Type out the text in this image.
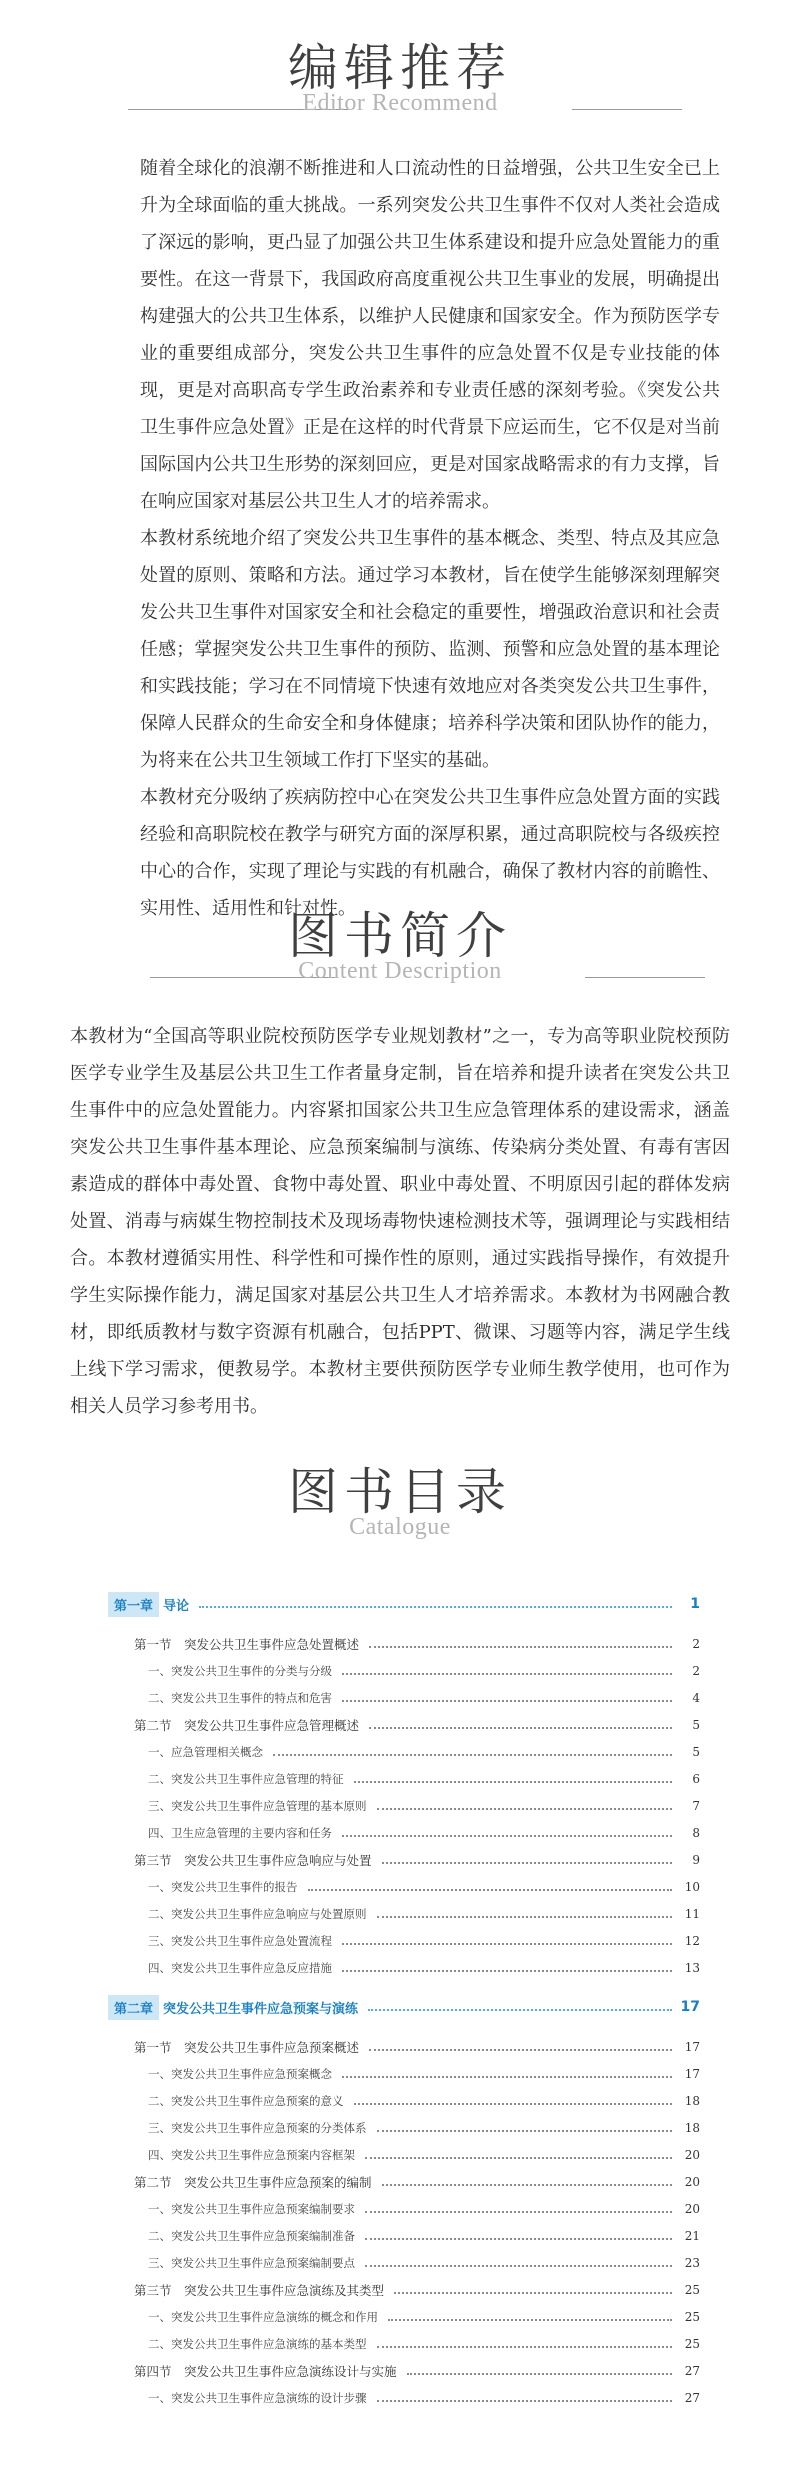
编辑推荐
Editor Recommend

随着全球化的浪潮不断推进和人口流动性的日益增强，公共卫生安全已上升为全球面临的重大挑战。一系列突发公共卫生事件不仅对人类社会造成了深远的影响，更凸显了加强公共卫生体系建设和提升应急处置能力的重要性。在这一背景下，我国政府高度重视公共卫生事业的发展，明确提出构建强大的公共卫生体系，以维护人民健康和国家安全。作为预防医学专业的重要组成部分，突发公共卫生事件的应急处置不仅是专业技能的体现，更是对高职高专学生政治素养和专业责任感的深刻考验。《突发公共卫生事件应急处置》正是在这样的时代背景下应运而生，它不仅是对当前国际国内公共卫生形势的深刻回应，更是对国家战略需求的有力支撑，旨在响应国家对基层公共卫生人才的培养需求。

本教材系统地介绍了突发公共卫生事件的基本概念、类型、特点及其应急处置的原则、策略和方法。通过学习本教材，旨在使学生能够深刻理解突发公共卫生事件对国家安全和社会稳定的重要性，增强政治意识和社会责任感；掌握突发公共卫生事件的预防、监测、预警和应急处置的基本理论和实践技能；学习在不同情境下快速有效地应对各类突发公共卫生事件，保障人民群众的生命安全和身体健康；培养科学决策和团队协作的能力，为将来在公共卫生领域工作打下坚实的基础。

本教材充分吸纳了疾病防控中心在突发公共卫生事件应急处置方面的实践经验和高职院校在教学与研究方面的深厚积累，通过高职院校与各级疾控中心的合作，实现了理论与实践的有机融合，确保了教材内容的前瞻性、实用性、适用性和针对性。

图书简介
Content Description

本教材为“全国高等职业院校预防医学专业规划教材”之一，专为高等职业院校预防医学专业学生及基层公共卫生工作者量身定制，旨在培养和提升读者在突发公共卫生事件中的应急处置能力。内容紧扣国家公共卫生应急管理体系的建设需求，涵盖突发公共卫生事件基本理论、应急预案编制与演练、传染病分类处置、有毒有害因素造成的群体中毒处置、食物中毒处置、职业中毒处置、不明原因引起的群体发病处置、消毒与病媒生物控制技术及现场毒物快速检测技术等，强调理论与实践相结合。本教材遵循实用性、科学性和可操作性的原则，通过实践指导操作，有效提升学生实际操作能力，满足国家对基层公共卫生人才培养需求。本教材为书网融合教材，即纸质教材与数字资源有机融合，包括PPT、微课、习题等内容，满足学生线上线下学习需求，便教易学。本教材主要供预防医学专业师生教学使用，也可作为相关人员学习参考用书。

图书目录
Catalogue
第一章 导论	1
第一节　突发公共卫生事件应急处置概述	2
一、突发公共卫生事件的分类与分级	2
二、突发公共卫生事件的特点和危害	4
第二节　突发公共卫生事件应急管理概述	5
一、应急管理相关概念	5
二、突发公共卫生事件应急管理的特征	6
三、突发公共卫生事件应急管理的基本原则	7
四、卫生应急管理的主要内容和任务	8
第三节　突发公共卫生事件应急响应与处置	9
一、突发公共卫生事件的报告	10
二、突发公共卫生事件应急响应与处置原则	11
三、突发公共卫生事件应急处置流程	12
四、突发公共卫生事件应急反应措施	13
第二章 突发公共卫生事件应急预案与演练	17
第一节　突发公共卫生事件应急预案概述	17
一、突发公共卫生事件应急预案概念	17
二、突发公共卫生事件应急预案的意义	18
三、突发公共卫生事件应急预案的分类体系	18
四、突发公共卫生事件应急预案内容框架	20
第二节　突发公共卫生事件应急预案的编制	20
一、突发公共卫生事件应急预案编制要求	20
二、突发公共卫生事件应急预案编制准备	21
三、突发公共卫生事件应急预案编制要点	23
第三节　突发公共卫生事件应急演练及其类型	25
一、突发公共卫生事件应急演练的概念和作用	25
二、突发公共卫生事件应急演练的基本类型	25
第四节　突发公共卫生事件应急演练设计与实施	27
一、突发公共卫生事件应急演练的设计步骤	27
